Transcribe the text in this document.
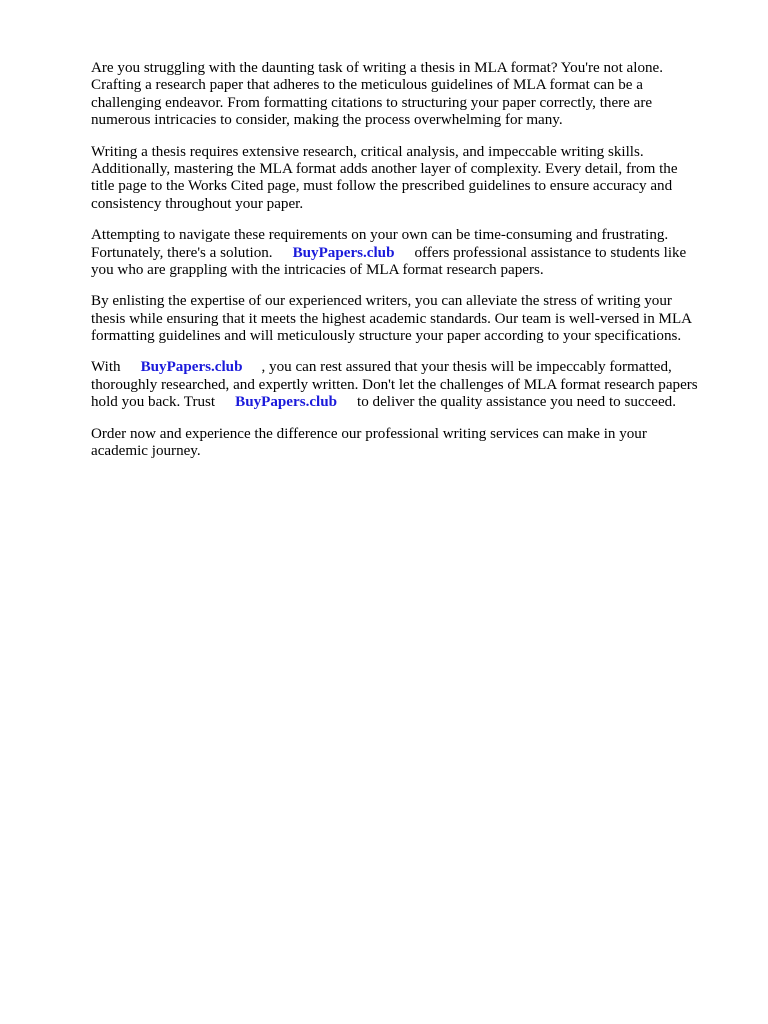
Are you struggling with the daunting task of writing a thesis in MLA format? You're not alone.
Crafting a research paper that adheres to the meticulous guidelines of MLA format can be a
challenging endeavor. From formatting citations to structuring your paper correctly, there are
numerous intricacies to consider, making the process overwhelming for many.

Writing a thesis requires extensive research, critical analysis, and impeccable writing skills.
Additionally, mastering the MLA format adds another layer of complexity. Every detail, from the
title page to the Works Cited page, must follow the prescribed guidelines to ensure accuracy and
consistency throughout your paper.

Attempting to navigate these requirements on your own can be time-consuming and frustrating.
Fortunately, there's a solution. BuyPapers.club offers professional assistance to students like
you who are grappling with the intricacies of MLA format research papers.

By enlisting the expertise of our experienced writers, you can alleviate the stress of writing your
thesis while ensuring that it meets the highest academic standards. Our team is well-versed in MLA
formatting guidelines and will meticulously structure your paper according to your specifications.

With BuyPapers.club , you can rest assured that your thesis will be impeccably formatted,
thoroughly researched, and expertly written. Don't let the challenges of MLA format research papers
hold you back. Trust BuyPapers.club to deliver the quality assistance you need to succeed.

Order now and experience the difference our professional writing services can make in your
academic journey.
